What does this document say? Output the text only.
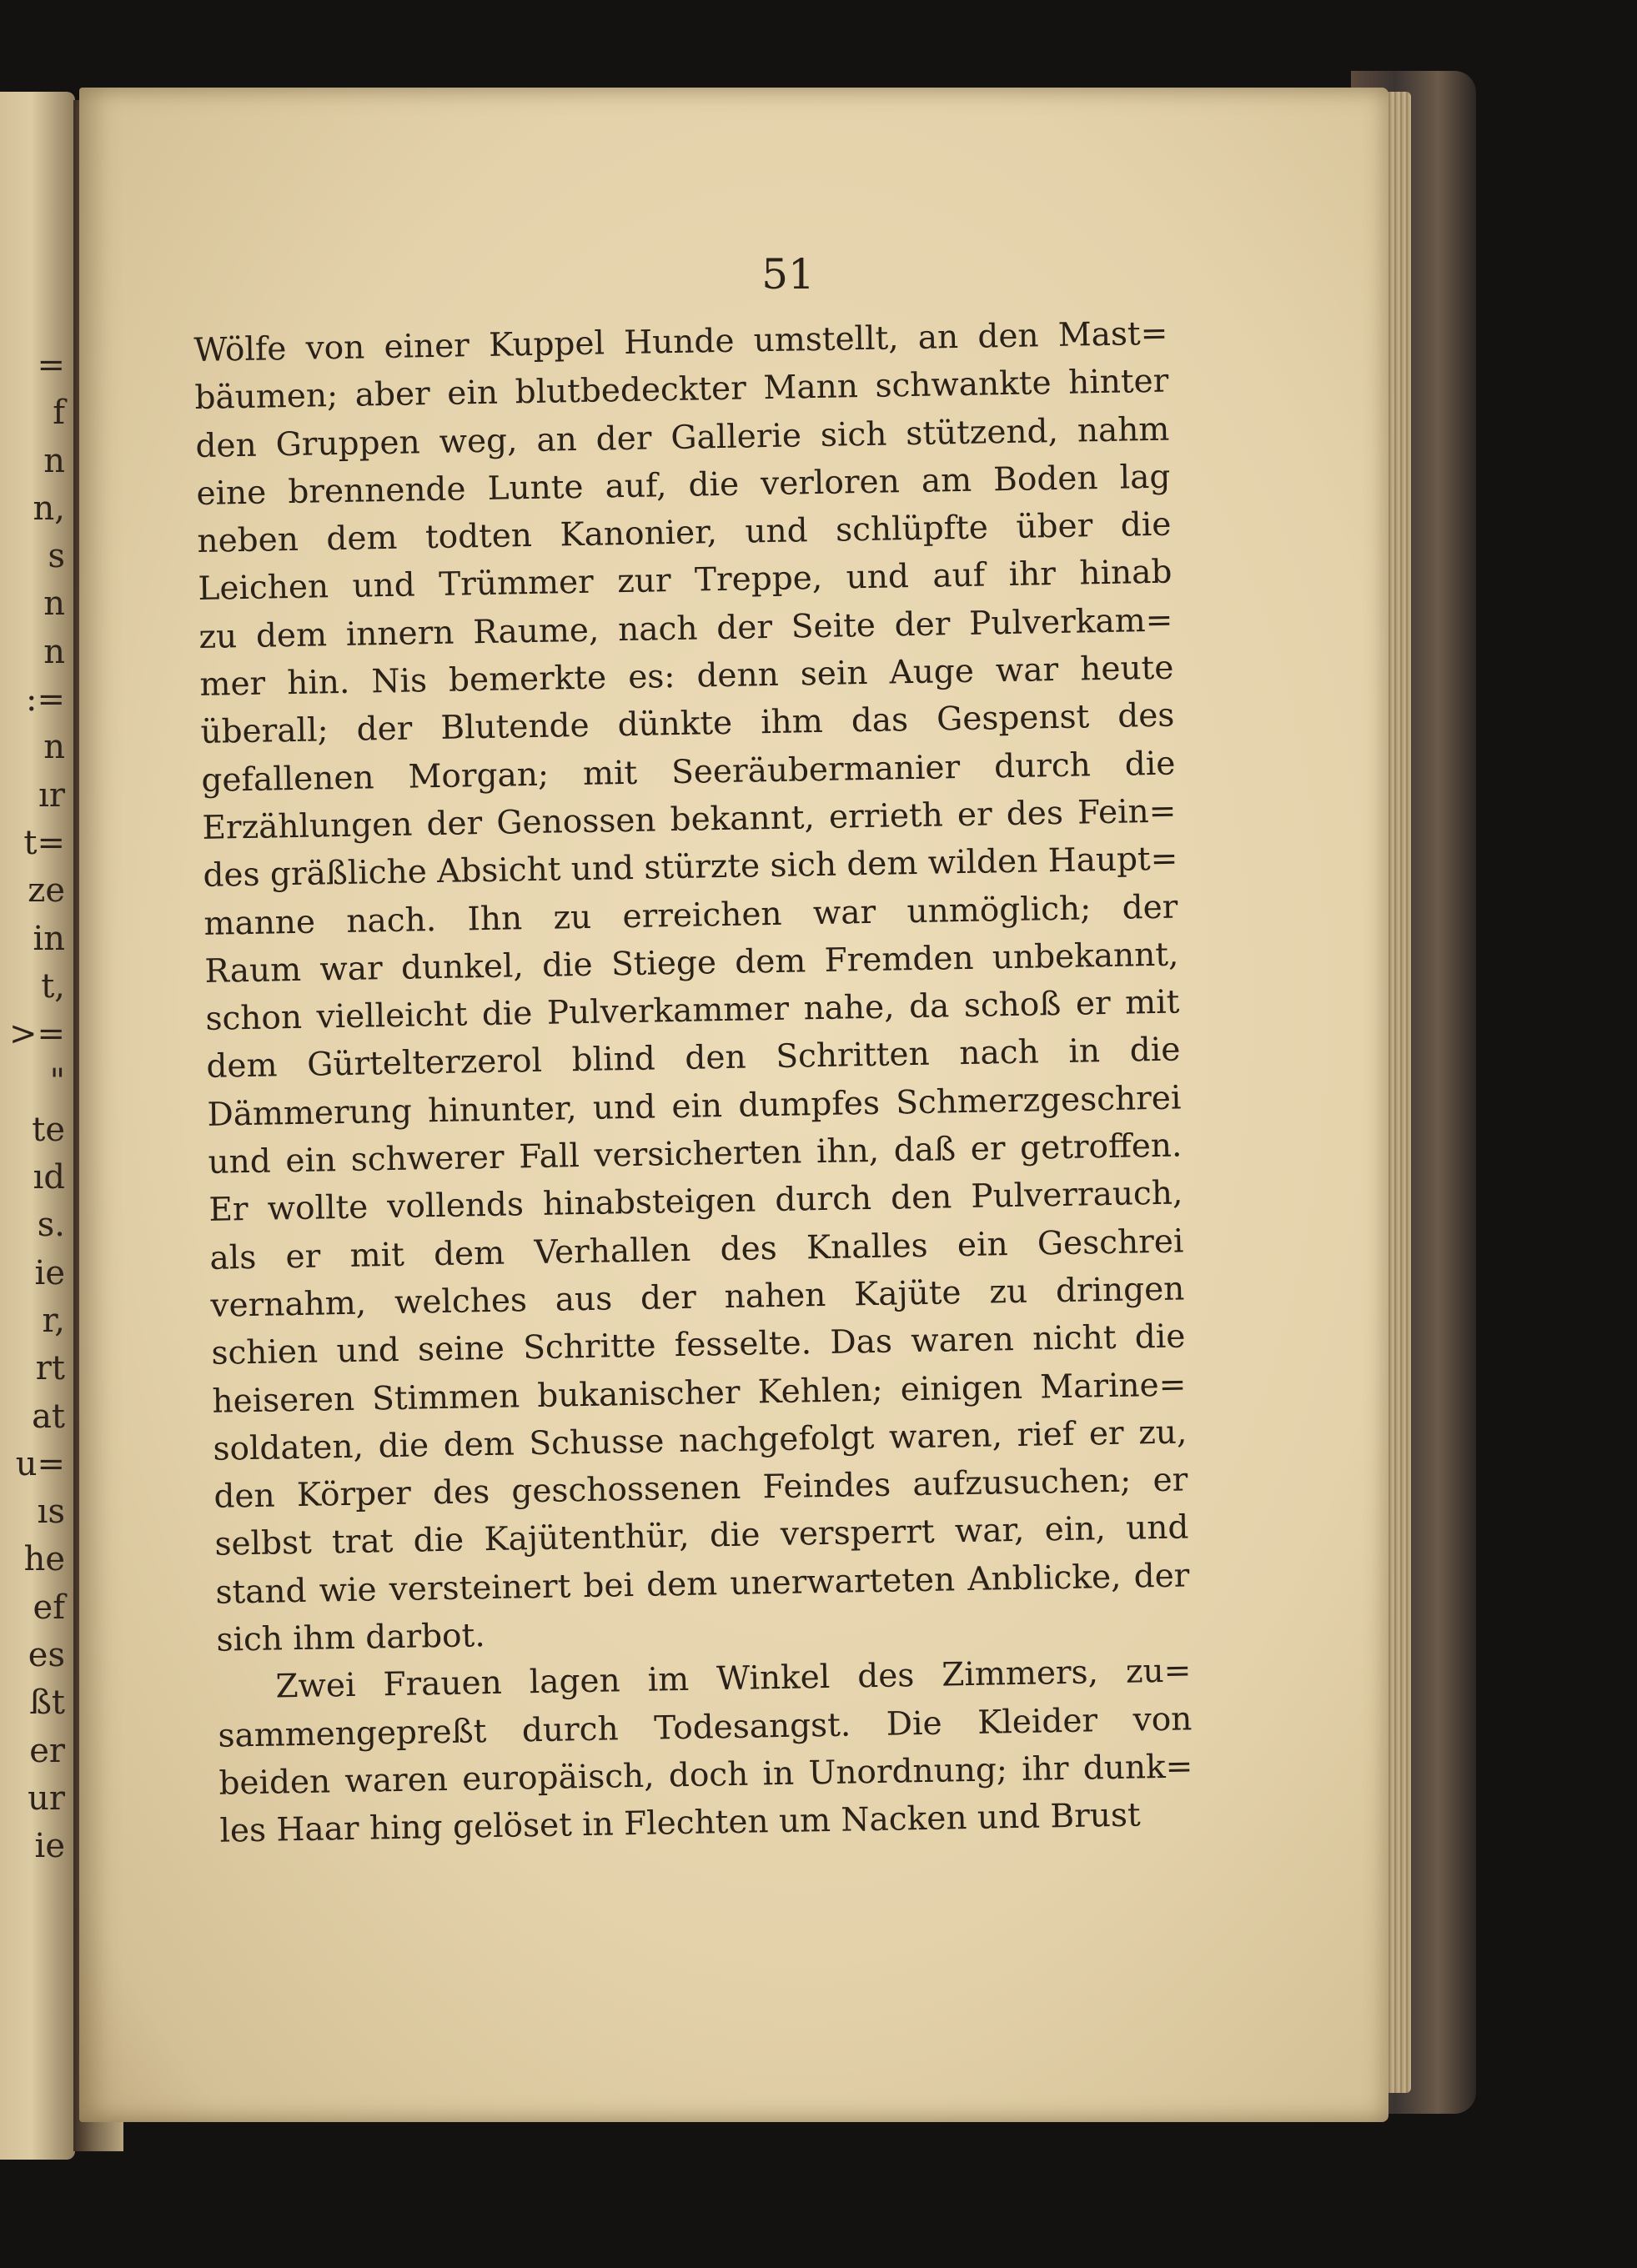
=
f
n
n,
s
n
n
:=
n
ır
t=
ze
in
t,
>=
"
te
ıd
s.
ie
r,
rt
at
u=
ıs
he
ef
es
ßt
er
ur
ie
51
Wölfe von einer Kuppel Hunde umstellt, an den Mast=
bäumen; aber ein blutbedeckter Mann schwankte hinter
den Gruppen weg, an der Gallerie sich stützend, nahm
eine brennende Lunte auf, die verloren am Boden lag
neben dem todten Kanonier, und schlüpfte über die
Leichen und Trümmer zur Treppe, und auf ihr hinab
zu dem innern Raume, nach der Seite der Pulverkam=
mer hin. Nis bemerkte es: denn sein Auge war heute
überall; der Blutende dünkte ihm das Gespenst des
gefallenen Morgan; mit Seeräubermanier durch die
Erzählungen der Genossen bekannt, errieth er des Fein=
des gräßliche Absicht und stürzte sich dem wilden Haupt=
manne nach. Ihn zu erreichen war unmöglich; der
Raum war dunkel, die Stiege dem Fremden unbekannt,
schon vielleicht die Pulverkammer nahe, da schoß er mit
dem Gürtelterzerol blind den Schritten nach in die
Dämmerung hinunter, und ein dumpfes Schmerzgeschrei
und ein schwerer Fall versicherten ihn, daß er getroffen.
Er wollte vollends hinabsteigen durch den Pulverrauch,
als er mit dem Verhallen des Knalles ein Geschrei
vernahm, welches aus der nahen Kajüte zu dringen
schien und seine Schritte fesselte. Das waren nicht die
heiseren Stimmen bukanischer Kehlen; einigen Marine=
soldaten, die dem Schusse nachgefolgt waren, rief er zu,
den Körper des geschossenen Feindes aufzusuchen; er
selbst trat die Kajütenthür, die versperrt war, ein, und
stand wie versteinert bei dem unerwarteten Anblicke, der
sich ihm darbot.
Zwei Frauen lagen im Winkel des Zimmers, zu=
sammengepreßt durch Todesangst. Die Kleider von
beiden waren europäisch, doch in Unordnung; ihr dunk=
les Haar hing gelöset in Flechten um Nacken und Brust
